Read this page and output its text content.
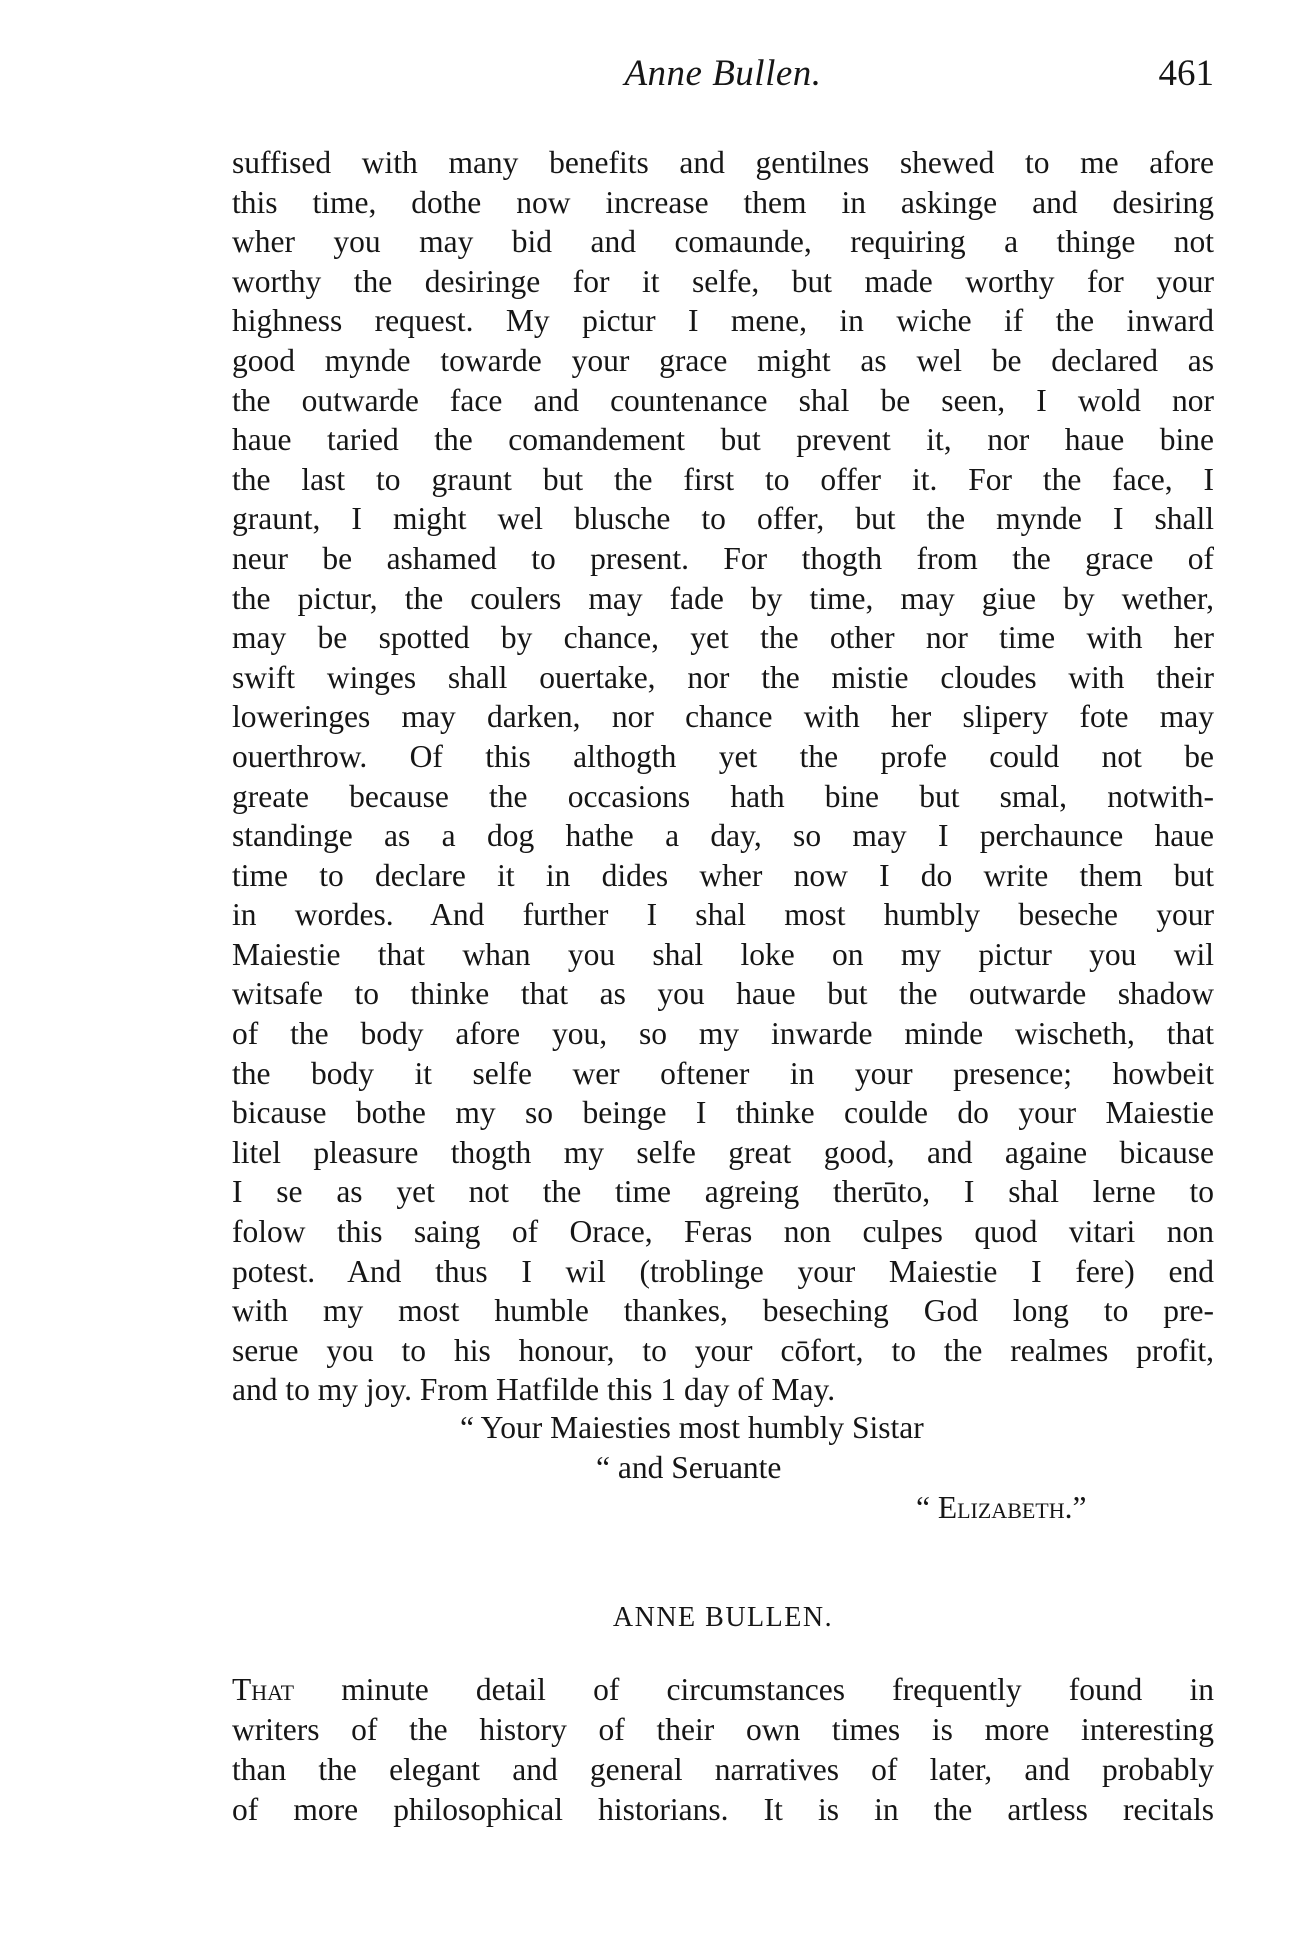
Anne Bullen.	461
suffised with many benefits and gentilnes shewed to me afore
this time, dothe now increase them in askinge and desiring
wher you may bid and comaunde, requiring a thinge not
worthy the desiringe for it selfe, but made worthy for your
highness request. My pictur I mene, in wiche if the inward
good mynde towarde your grace might as wel be declared as
the outwarde face and countenance shal be seen, I wold nor
haue taried the comandement but prevent it, nor haue bine
the last to graunt but the first to offer it. For the face, I
graunt, I might wel blusche to offer, but the mynde I shall
neur be ashamed to present. For thogth from the grace of
the pictur, the coulers may fade by time, may giue by wether,
may be spotted by chance, yet the other nor time with her
swift winges shall ouertake, nor the mistie cloudes with their
loweringes may darken, nor chance with her slipery fote may
ouerthrow. Of this althogth yet the profe could not be
greate because the occasions hath bine but smal, notwith-
standinge as a dog hathe a day, so may I perchaunce haue
time to declare it in dides wher now I do write them but
in wordes. And further I shal most humbly beseche your
Maiestie that whan you shal loke on my pictur you wil
witsafe to thinke that as you haue but the outwarde shadow
of the body afore you, so my inwarde minde wischeth, that
the body it selfe wer oftener in your presence; howbeit
bicause bothe my so beinge I thinke coulde do your Maiestie
litel pleasure thogth my selfe great good, and againe bicause
I se as yet not the time agreing therūto, I shal lerne to
folow this saing of Orace, Feras non culpes quod vitari non
potest. And thus I wil (troblinge your Maiestie I fere) end
with my most humble thankes, beseching God long to pre-
serue you to his honour, to your cōfort, to the realmes profit,
and to my joy. From Hatfilde this 1 day of May.
“ Your Maiesties most humbly Sistar
“ and Seruante
“ Elizabeth.”
ANNE BULLEN.
That minute detail of circumstances frequently found in
writers of the history of their own times is more interesting
than the elegant and general narratives of later, and probably
of more philosophical historians. It is in the artless recitals
